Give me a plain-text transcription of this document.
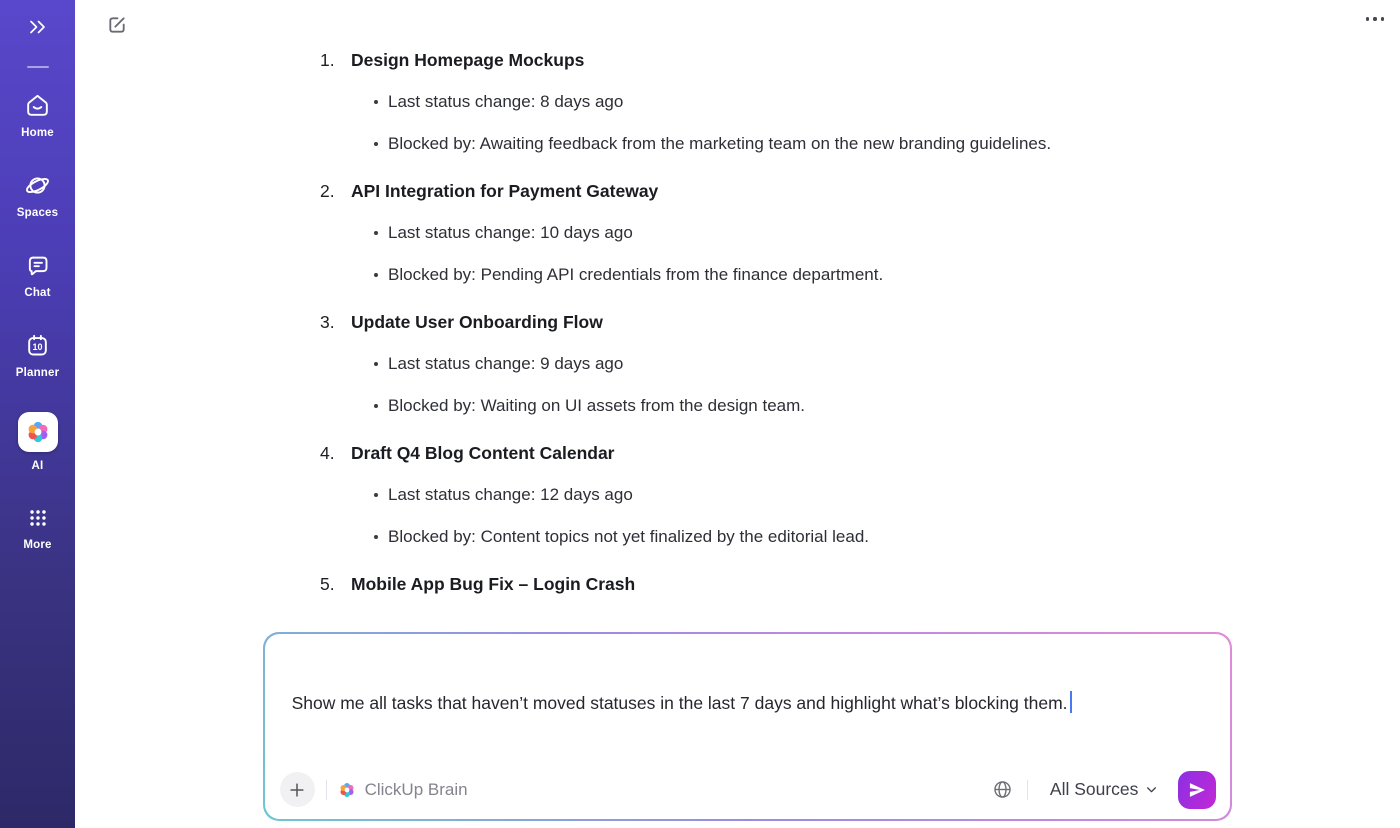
Home
Spaces
Chat
10
Planner
AI
More
1. Design Homepage Mockups
Last status change: 8 days ago
Blocked by: Awaiting feedback from the marketing team on the new branding guidelines.
2. API Integration for Payment Gateway
Last status change: 10 days ago
Blocked by: Pending API credentials from the finance department.
3. Update User Onboarding Flow
Last status change: 9 days ago
Blocked by: Waiting on UI assets from the design team.
4. Draft Q4 Blog Content Calendar
Last status change: 12 days ago
Blocked by: Content topics not yet finalized by the editorial lead.
5. Mobile App Bug Fix – Login Crash
Show me all tasks that haven’t moved statuses in the last 7 days and highlight what’s blocking them.
ClickUp Brain	All Sources
